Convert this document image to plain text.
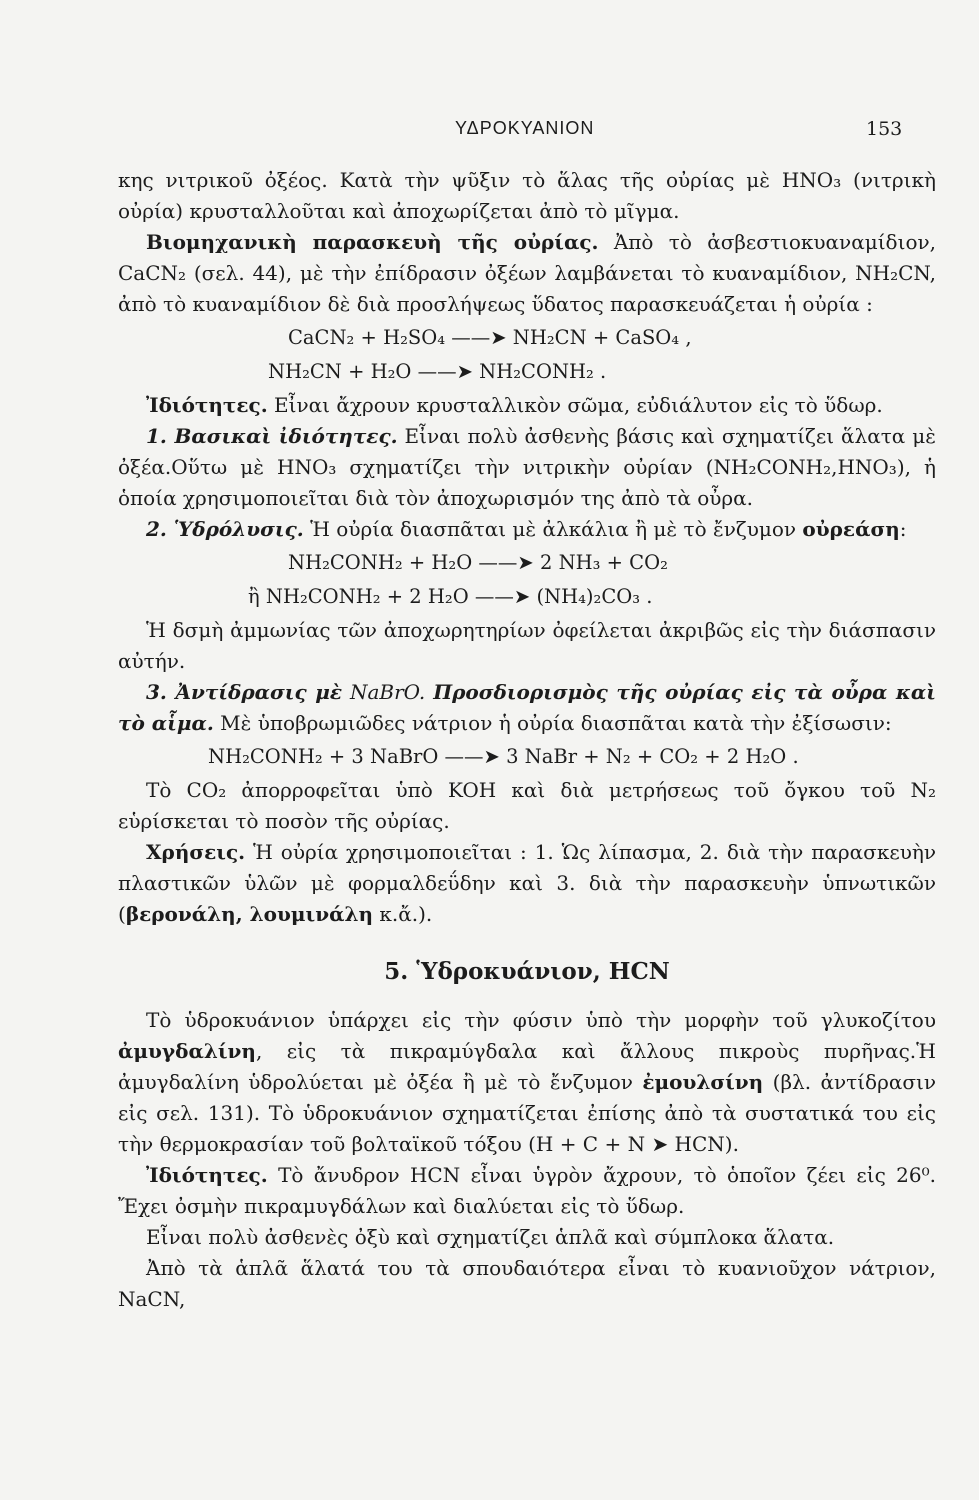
ΥΔΡΟΚΥΑΝΙΟΝ	153

κης νιτρικοῦ ὀξέος. Κατὰ τὴν ψῦξιν τὸ ἅλας τῆς οὐρίας μὲ HNO₃ (νιτρικὴ οὐρία) κρυσταλλοῦται καὶ ἀποχωρίζεται ἀπὸ τὸ μῖγμα.

Βιομηχανικὴ παρασκευὴ τῆς οὐρίας. Ἀπὸ τὸ ἀσβεστιοκυαναμίδιον, CaCN₂ (σελ. 44), μὲ τὴν ἐπίδρασιν ὀξέων λαμβάνεται τὸ κυαναμίδιον, NH₂CN, ἀπὸ τὸ κυαναμίδιον δὲ διὰ προσλήψεως ὕδατος παρασκευάζεται ἡ οὐρία :

CaCN₂ + H₂SO₄ ——➤ NH₂CN + CaSO₄ ,
NH₂CN + H₂O ——➤ NH₂CONH₂ .

Ἰδιότητες. Εἶναι ἄχρουν κρυσταλλικὸν σῶμα, εὐδιάλυτον εἰς τὸ ὕδωρ.

1. Βασικαὶ ἰδιότητες. Εἶναι πολὺ ἀσθενὴς βάσις καὶ σχηματίζει ἅλατα μὲ ὀξέα.Οὕτω μὲ HNO₃ σχηματίζει τὴν νιτρικὴν οὐρίαν (NH₂CONH₂,HNO₃), ἡ ὁποία χρησιμοποιεῖται διὰ τὸν ἀποχωρισμόν της ἀπὸ τὰ οὖρα.

2. Ὑδρόλυσις. Ἡ οὐρία διασπᾶται μὲ ἀλκάλια ἢ μὲ τὸ ἔνζυμον οὐρεάση:

NH₂CONH₂ + H₂O ——➤ 2 NH₃ + CO₂
ἢ NH₂CONH₂ + 2 H₂O ——➤ (NH₄)₂CO₃ .

Ἡ δσμὴ ἀμμωνίας τῶν ἀποχωρητηρίων ὀφείλεται ἀκριβῶς εἰς τὴν διάσπασιν αὐτήν.

3. Ἀντίδρασις μὲ NaBrO. Προσδιορισμὸς τῆς οὐρίας εἰς τὰ οὖρα καὶ τὸ αἷμα. Μὲ ὑποβρωμιῶδες νάτριον ἡ οὐρία διασπᾶται κατὰ τὴν ἐξίσωσιν:

NH₂CONH₂ + 3 NaBrO ——➤ 3 NaBr + N₂ + CO₂ + 2 H₂O .

Τὸ CO₂ ἀπορροφεῖται ὑπὸ KOH καὶ διὰ μετρήσεως τοῦ ὄγκου τοῦ N₂ εὑρίσκεται τὸ ποσὸν τῆς οὐρίας.

Χρήσεις. Ἡ οὐρία χρησιμοποιεῖται : 1. Ὡς λίπασμα, 2. διὰ τὴν παρασκευὴν πλαστικῶν ὑλῶν μὲ φορμαλδεΰδην καὶ 3. διὰ τὴν παρασκευὴν ὑπνωτικῶν (βερονάλη, λουμινάλη κ.ἄ.).

5. Ὑδροκυάνιον, HCN

Τὸ ὑδροκυάνιον ὑπάρχει εἰς τὴν φύσιν ὑπὸ τὴν μορφὴν τοῦ γλυκοζίτου ἀμυγδαλίνη, εἰς τὰ πικραμύγδαλα καὶ ἄλλους πικροὺς πυρῆνας.Ἡ ἀμυγδαλίνη ὑδρολύεται μὲ ὀξέα ἢ μὲ τὸ ἔνζυμον ἐμουλσίνη (βλ. ἀντίδρασιν εἰς σελ. 131). Τὸ ὑδροκυάνιον σχηματίζεται ἐπίσης ἀπὸ τὰ συστατικά του εἰς τὴν θερμοκρασίαν τοῦ βολταϊκοῦ τόξου (H + C + N ➤ HCN).

Ἰδιότητες. Τὸ ἄνυδρον HCN εἶναι ὑγρὸν ἄχρουν, τὸ ὁποῖον ζέει εἰς 26⁰. Ἔχει ὀσμὴν πικραμυγδάλων καὶ διαλύεται εἰς τὸ ὕδωρ.

Εἶναι πολὺ ἀσθενὲς ὀξὺ καὶ σχηματίζει ἁπλᾶ καὶ σύμπλοκα ἅλατα.

Ἀπὸ τὰ ἁπλᾶ ἅλατά του τὰ σπουδαιότερα εἶναι τὸ κυανιοῦχον νάτριον, NaCN,
